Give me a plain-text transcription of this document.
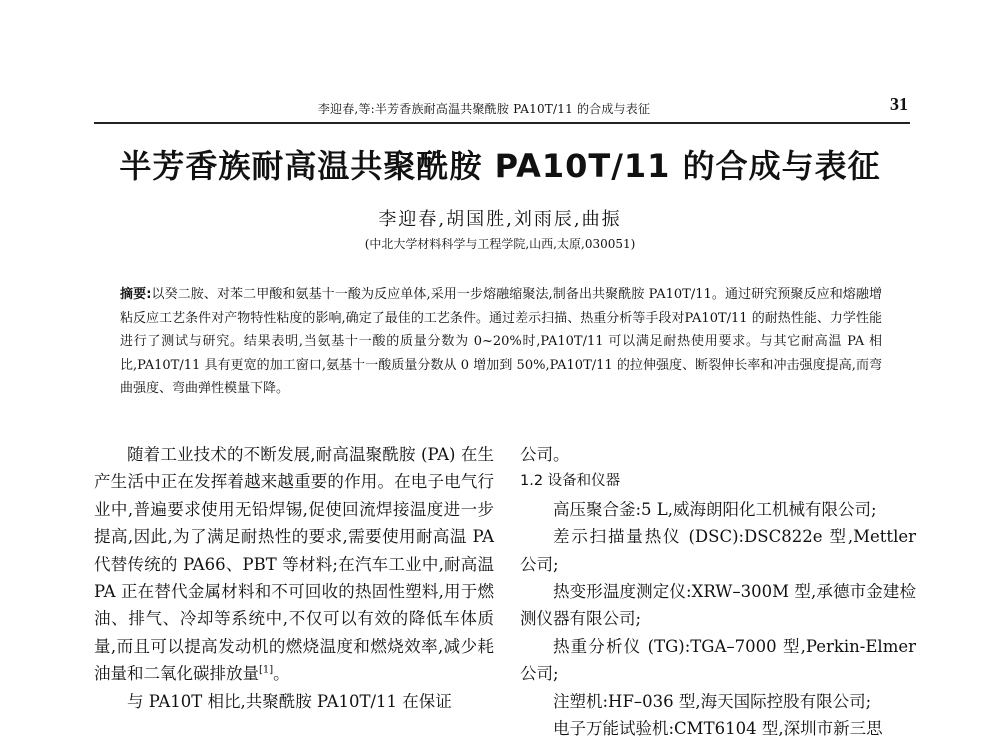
李迎春,等:半芳香族耐高温共聚酰胺 PA10T/11 的合成与表征	31
半芳香族耐高温共聚酰胺 PA10T/11 的合成与表征
李迎春,胡国胜,刘雨辰,曲振
(中北大学材料科学与工程学院,山西,太原,030051)

摘要:以癸二胺、对苯二甲酸和氨基十一酸为反应单体,采用一步熔融缩聚法,制备出共聚酰胺 PA10T/11。通过研究预聚反应和熔融增粘反应工艺条件对产物特性粘度的影响,确定了最佳的工艺条件。通过差示扫描、热重分析等手段对PA10T/11 的耐热性能、力学性能进行了测试与研究。结果表明,当氨基十一酸的质量分数为 0~20%时,PA10T/11 可以满足耐热使用要求。与其它耐高温 PA 相比,PA10T/11 具有更宽的加工窗口,氨基十一酸质量分数从 0 增加到 50%,PA10T/11 的拉伸强度、断裂伸长率和冲击强度提高,而弯曲强度、弯曲弹性模量下降。

随着工业技术的不断发展,耐高温聚酰胺 (PA) 在生产生活中正在发挥着越来越重要的作用。在电子电气行业中,普遍要求使用无铅焊锡,促使回流焊接温度进一步提高,因此,为了满足耐热性的要求,需要使用耐高温 PA 代替传统的 PA66、PBT 等材料;在汽车工业中,耐高温 PA 正在替代金属材料和不可回收的热固性塑料,用于燃油、排气、冷却等系统中,不仅可以有效的降低车体质量,而且可以提高发动机的燃烧温度和燃烧效率,减少耗油量和二氧化碳排放量[1]。

与 PA10T 相比,共聚酰胺 PA10T/11 在保证

公司。

1.2 设备和仪器

高压聚合釜:5 L,威海朗阳化工机械有限公司;

差示扫描量热仪 (DSC):DSC822e 型,Mettler 公司;

热变形温度测定仪:XRW–300M 型,承德市金建检测仪器有限公司;

热重分析仪 (TG):TGA–7000 型,Perkin-Elmer 公司;

注塑机:HF–036 型,海天国际控股有限公司;

电子万能试验机:CMT6104 型,深圳市新三思
